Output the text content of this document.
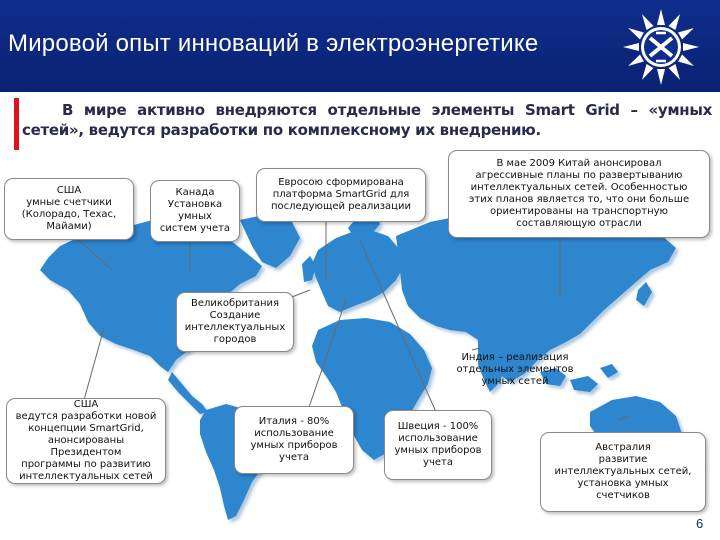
Мировой опыт инноваций в электроэнергетике
В мире активно внедряются отдельные элементы Smart Grid – «умных сетей», ведутся разработки по комплексному их внедрению.
США
умные счетчики
(Колорадо, Техас,
Майами)
Канада
Установка
умных
систем учета
Евросою сформирована
платформа SmartGrid для
последующей реализации
В мае 2009 Китай анонсировал
агрессивные планы по развертыванию
интеллектуальных сетей. Особенностью
этих планов является то, что они больше
ориентированы на транспортную
составляющую отрасли
Великобритания
Создание
интеллектуальных
городов
Индия – реализация
отдельных элементов
умных сетей
США
ведутся разработки новой
концепции SmartGrid,
анонсированы Президентом
программы по развитию
интеллектуальных сетей
Италия - 80%
использование
умных приборов
учета
Швеция - 100%
использование
умных приборов
учета
Австралия
развитие
интеллектуальных сетей,
установка умных
счетчиков
6
